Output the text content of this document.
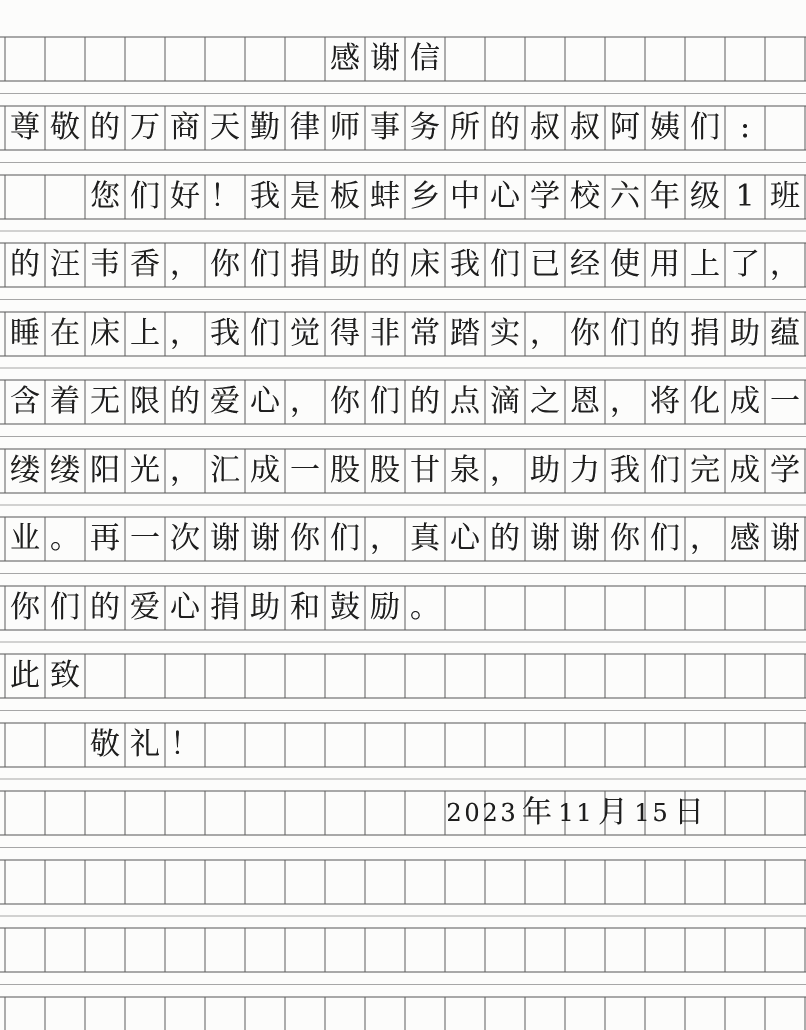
感 谢 信
尊 敬 的 万 商 天 勤 律 师 事 务 所 的 叔 叔 阿 姨 们 :
您 们 好 ！ 我 是 板 蚌 乡 中 心 学 校 六 年 级 1 班
的 汪 韦 香 ， 你 们 捐 助 的 床 我 们 已 经 使 用 上 了 ，
睡 在 床 上 ， 我 们 觉 得 非 常 踏 实 ， 你 们 的 捐 助 蕴
含 着 无 限 的 爱 心 ， 你 们 的 点 滴 之 恩 ， 将 化 成 一
缕 缕 阳 光 ， 汇 成 一 股 股 甘 泉 ， 助 力 我 们 完 成 学
业 。 再 一 次 谢 谢 你 们 ， 真 心 的 谢 谢 你 们 ， 感 谢
你 们 的 爱 心 捐 助 和 鼓 励 。
此 致
敬 礼 ！
2 0 2 3 年 1 1 月 1 5 日
